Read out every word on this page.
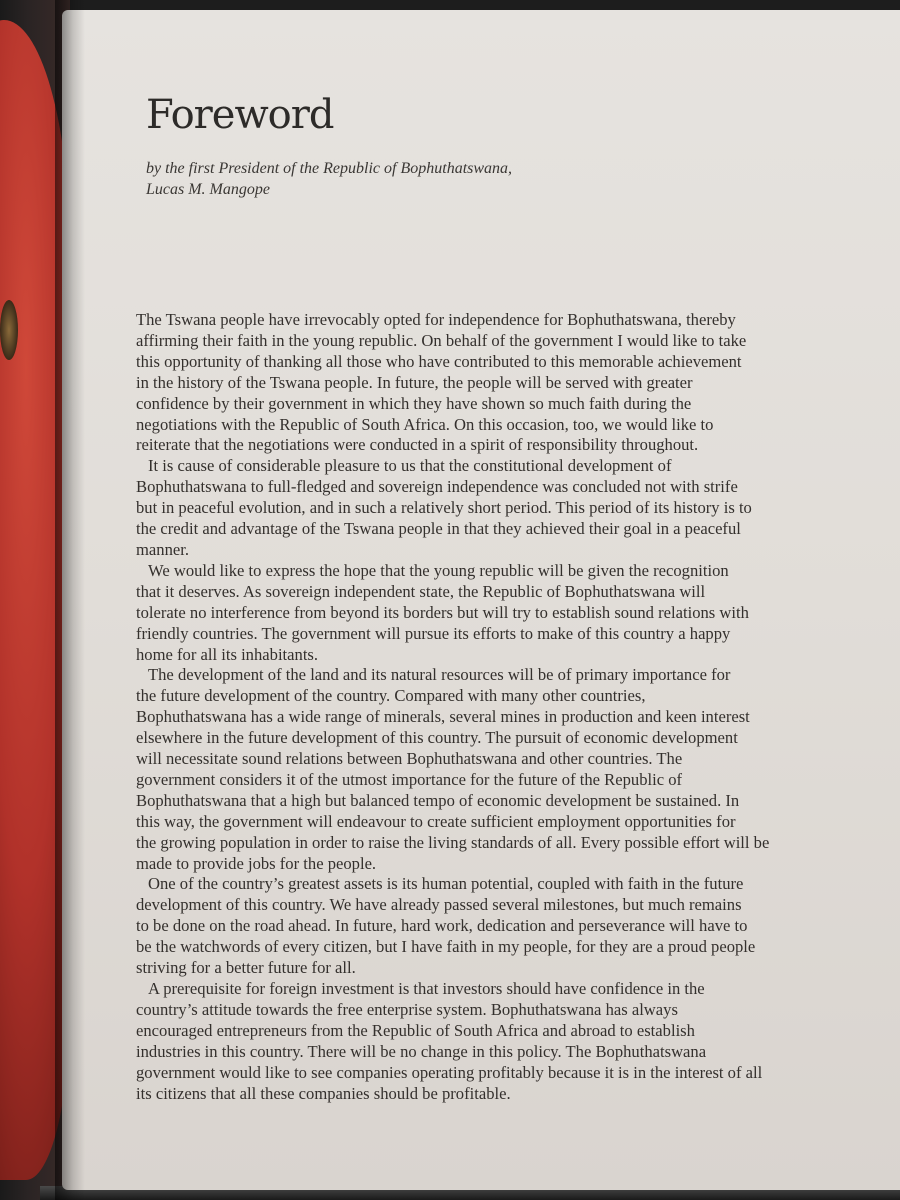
Foreword
by the first President of the Republic of Bophuthatswana,
Lucas M. Mangope
The Tswana people have irrevocably opted for independence for Bophuthatswana, thereby
affirming their faith in the young republic. On behalf of the government I would like to take
this opportunity of thanking all those who have contributed to this memorable achievement
in the history of the Tswana people. In future, the people will be served with greater
confidence by their government in which they have shown so much faith during the
negotiations with the Republic of South Africa. On this occasion, too, we would like to
reiterate that the negotiations were conducted in a spirit of responsibility throughout.
It is cause of considerable pleasure to us that the constitutional development of
Bophuthatswana to full-fledged and sovereign independence was concluded not with strife
but in peaceful evolution, and in such a relatively short period. This period of its history is to
the credit and advantage of the Tswana people in that they achieved their goal in a peaceful
manner.
We would like to express the hope that the young republic will be given the recognition
that it deserves. As sovereign independent state, the Republic of Bophuthatswana will
tolerate no interference from beyond its borders but will try to establish sound relations with
friendly countries. The government will pursue its efforts to make of this country a happy
home for all its inhabitants.
The development of the land and its natural resources will be of primary importance for
the future development of the country. Compared with many other countries,
Bophuthatswana has a wide range of minerals, several mines in production and keen interest
elsewhere in the future development of this country. The pursuit of economic development
will necessitate sound relations between Bophuthatswana and other countries. The
government considers it of the utmost importance for the future of the Republic of
Bophuthatswana that a high but balanced tempo of economic development be sustained. In
this way, the government will endeavour to create sufficient employment opportunities for
the growing population in order to raise the living standards of all. Every possible effort will be
made to provide jobs for the people.
One of the country’s greatest assets is its human potential, coupled with faith in the future
development of this country. We have already passed several milestones, but much remains
to be done on the road ahead. In future, hard work, dedication and perseverance will have to
be the watchwords of every citizen, but I have faith in my people, for they are a proud people
striving for a better future for all.
A prerequisite for foreign investment is that investors should have confidence in the
country’s attitude towards the free enterprise system. Bophuthatswana has always
encouraged entrepreneurs from the Republic of South Africa and abroad to establish
industries in this country. There will be no change in this policy. The Bophuthatswana
government would like to see companies operating profitably because it is in the interest of all
its citizens that all these companies should be profitable.
